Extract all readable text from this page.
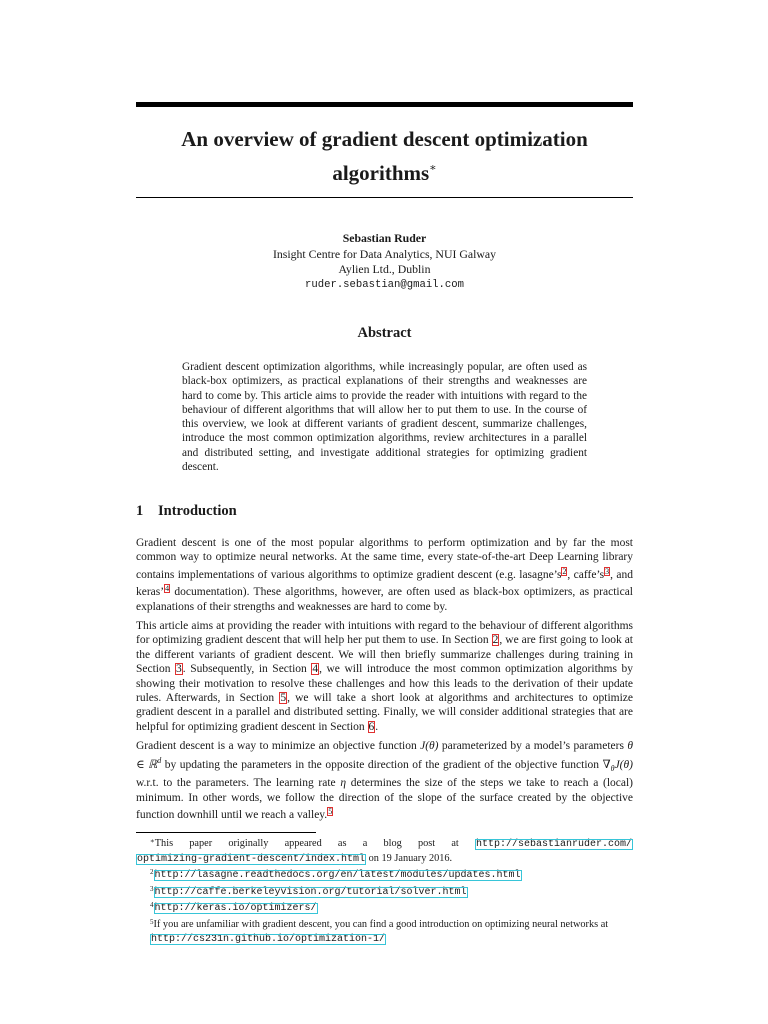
An overview of gradient descent optimization algorithms∗
Sebastian Ruder
Insight Centre for Data Analytics, NUI Galway
Aylien Ltd., Dublin
ruder.sebastian@gmail.com
Abstract
Gradient descent optimization algorithms, while increasingly popular, are often used as black-box optimizers, as practical explanations of their strengths and weaknesses are hard to come by. This article aims to provide the reader with intuitions with regard to the behaviour of different algorithms that will allow her to put them to use. In the course of this overview, we look at different variants of gradient descent, summarize challenges, introduce the most common optimization algorithms, review architectures in a parallel and distributed setting, and investigate additional strategies for optimizing gradient descent.
1 Introduction

Gradient descent is one of the most popular algorithms to perform optimization and by far the most common way to optimize neural networks. At the same time, every state-of-the-art Deep Learning library contains implementations of various algorithms to optimize gradient descent (e.g. lasagne’s$^2$, caffe’s$^3$, and keras’$^4$ documentation). These algorithms, however, are often used as black-box optimizers, as practical explanations of their strengths and weaknesses are hard to come by.

This article aims at providing the reader with intuitions with regard to the behaviour of different algorithms for optimizing gradient descent that will help her put them to use. In Section 2, we are first going to look at the different variants of gradient descent. We will then briefly summarize challenges during training in Section 3. Subsequently, in Section 4, we will introduce the most common optimization algorithms by showing their motivation to resolve these challenges and how this leads to the derivation of their update rules. Afterwards, in Section 5, we will take a short look at algorithms and architectures to optimize gradient descent in a parallel and distributed setting. Finally, we will consider additional strategies that are helpful for optimizing gradient descent in Section 6.

Gradient descent is a way to minimize an objective function J(θ) parameterized by a model’s parameters θ ∈ ℝ$^d$ by updating the parameters in the opposite direction of the gradient of the objective function $\nabla_\theta J(\theta)$ w.r.t. to the parameters. The learning rate η determines the size of the steps we take to reach a (local) minimum. In other words, we follow the direction of the slope of the surface created by the objective function downhill until we reach a valley.$^5$

∗This paper originally appeared as a blog post at http://sebastianruder.com/

optimizing-gradient-descent/index.html on 19 January 2016.

$^2$http://lasagne.readthedocs.org/en/latest/modules/updates.html

$^3$http://caffe.berkeleyvision.org/tutorial/solver.html

$^4$http://keras.io/optimizers/

$^5$If you are unfamiliar with gradient descent, you can find a good introduction on optimizing neural networks at http://cs231n.github.io/optimization-1/
